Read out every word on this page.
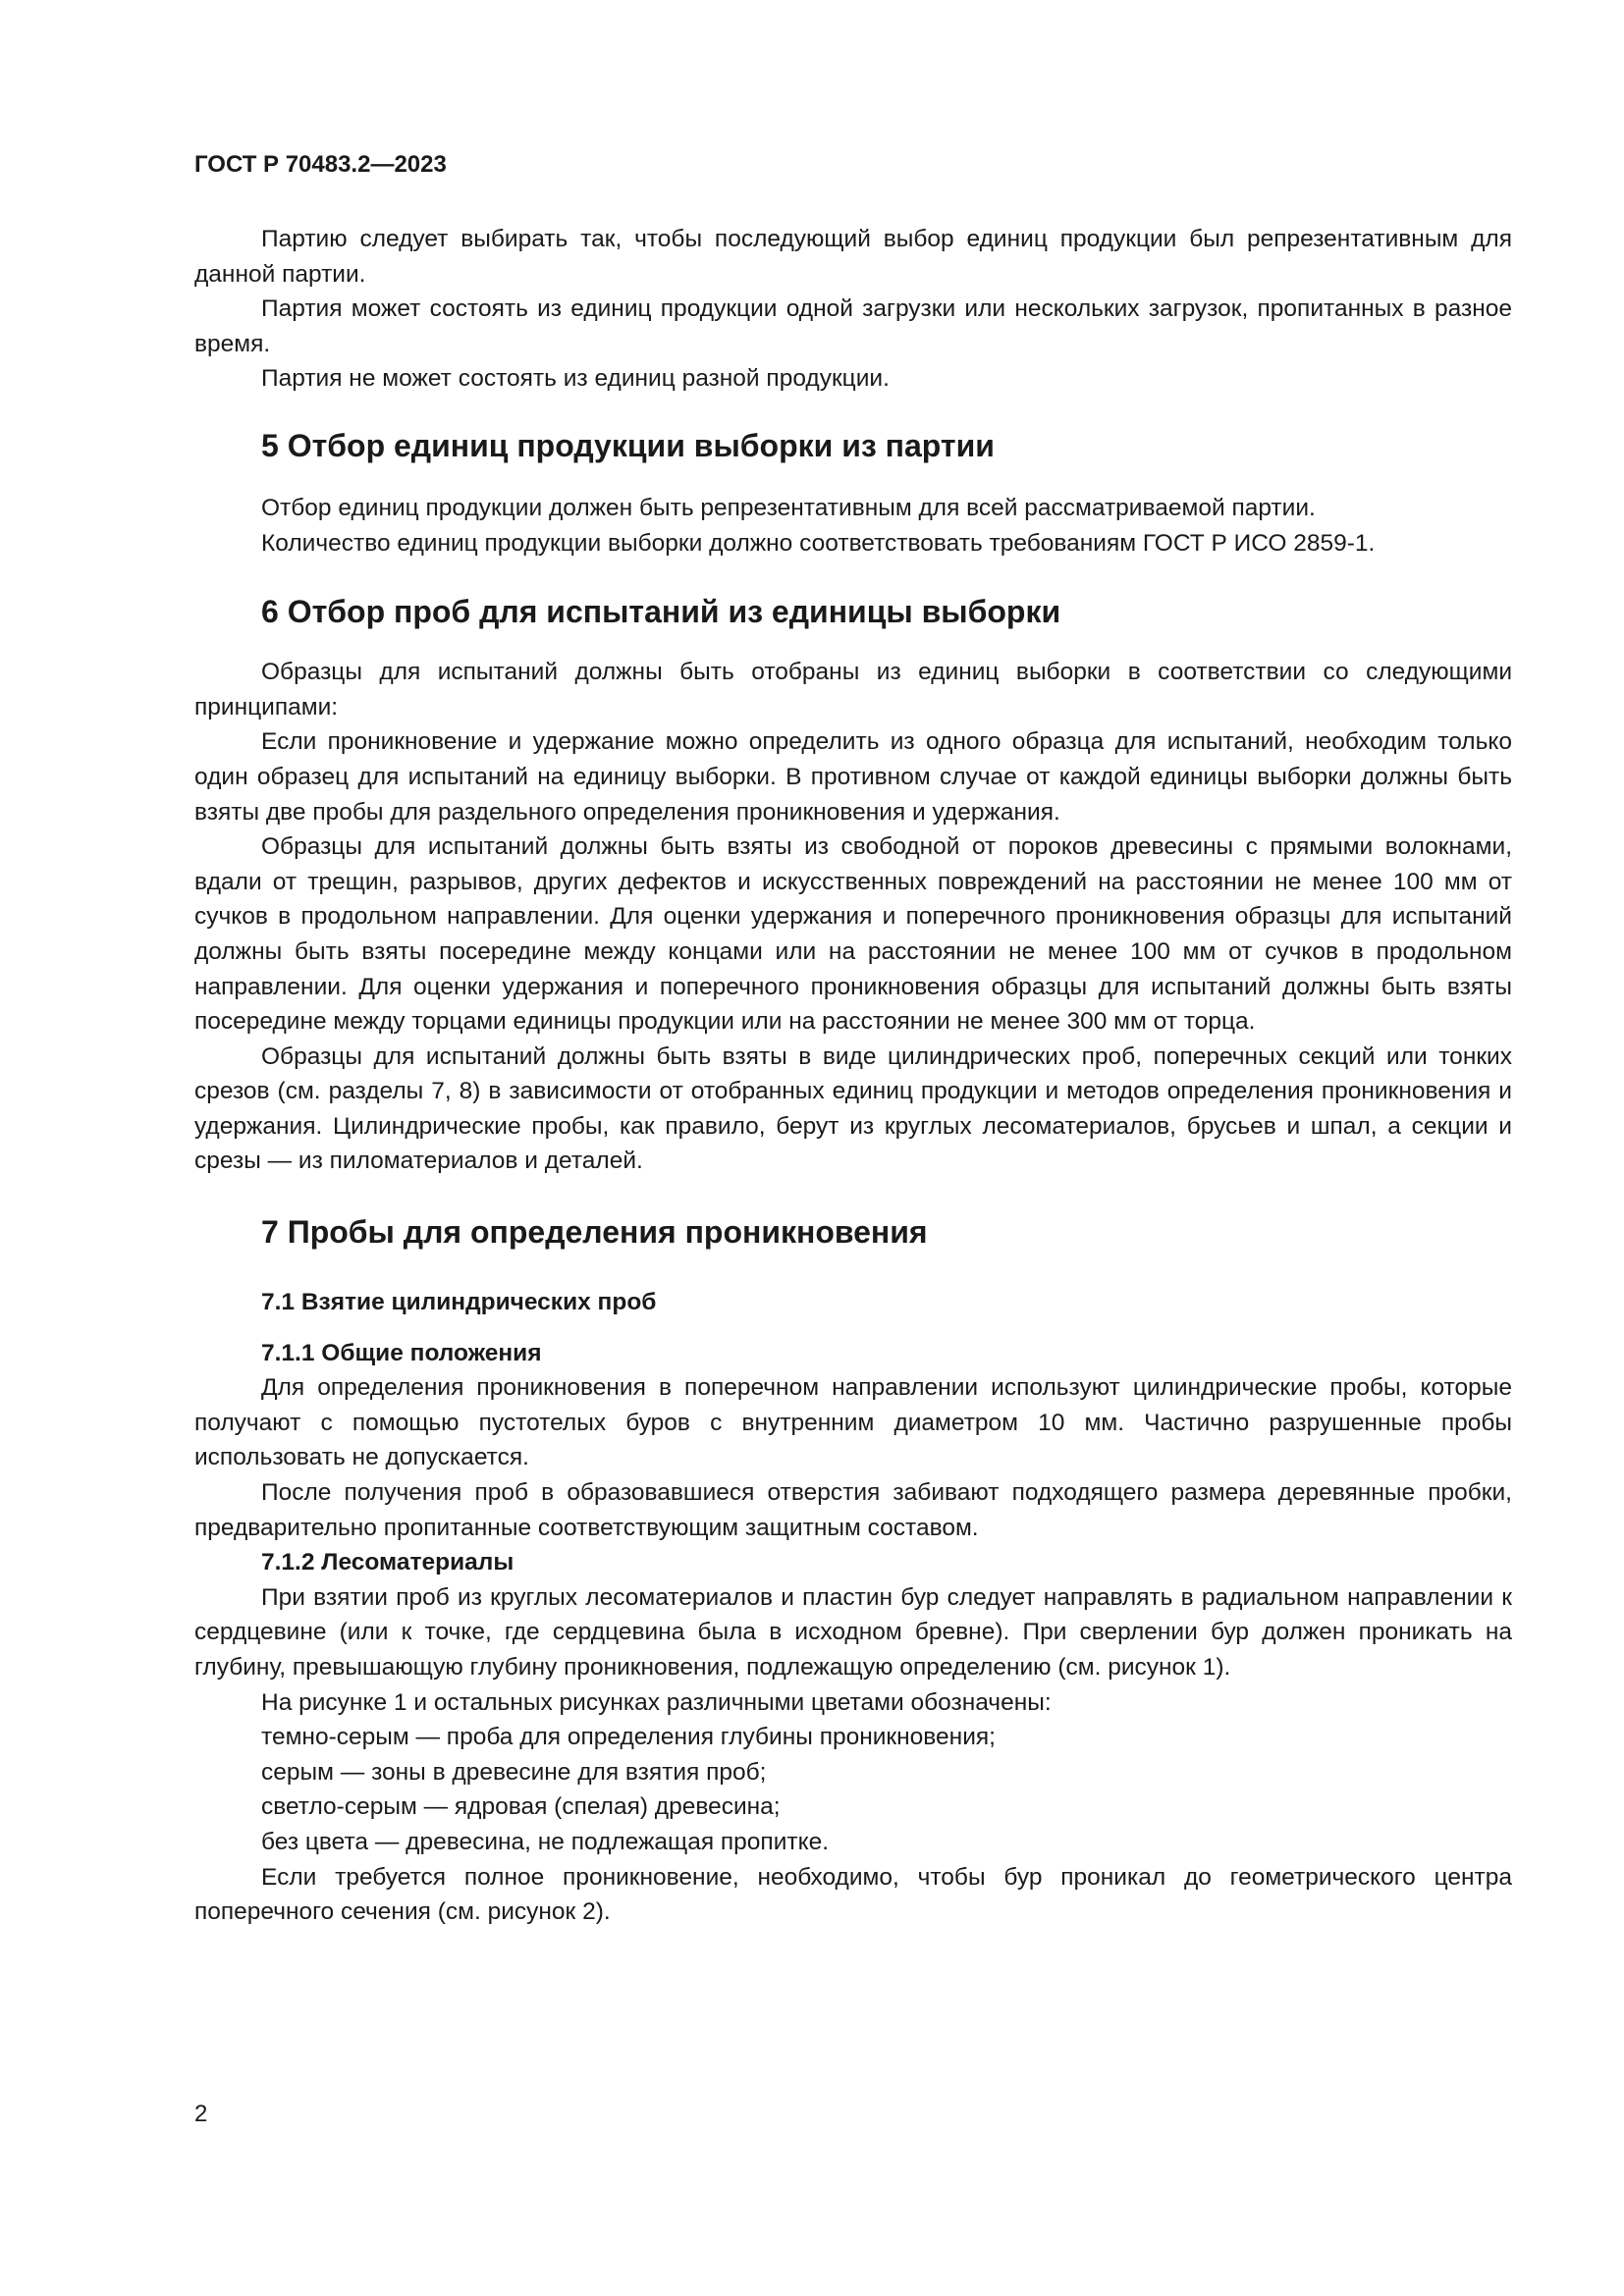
ГОСТ Р 70483.2—2023

Партию следует выбирать так, чтобы последующий выбор единиц продукции был репрезентативным для данной партии.

Партия может состоять из единиц продукции одной загрузки или нескольких загрузок, пропитанных в разное время.

Партия не может состоять из единиц разной продукции.

5 Отбор единиц продукции выборки из партии

Отбор единиц продукции должен быть репрезентативным для всей рассматриваемой партии.

Количество единиц продукции выборки должно соответствовать требованиям ГОСТ Р ИСО 2859-1.

6 Отбор проб для испытаний из единицы выборки

Образцы для испытаний должны быть отобраны из единиц выборки в соответствии со следующими принципами:

Если проникновение и удержание можно определить из одного образца для испытаний, необходим только один образец для испытаний на единицу выборки. В противном случае от каждой единицы выборки должны быть взяты две пробы для раздельного определения проникновения и удержания.

Образцы для испытаний должны быть взяты из свободной от пороков древесины с прямыми волокнами, вдали от трещин, разрывов, других дефектов и искусственных повреждений на расстоянии не менее 100 мм от сучков в продольном направлении. Для оценки удержания и поперечного проникновения образцы для испытаний должны быть взяты посередине между концами или на расстоянии не менее 100 мм от сучков в продольном направлении. Для оценки удержания и поперечного проникновения образцы для испытаний должны быть взяты посередине между торцами единицы продукции или на расстоянии не менее 300 мм от торца.

Образцы для испытаний должны быть взяты в виде цилиндрических проб, поперечных секций или тонких срезов (см. разделы 7, 8) в зависимости от отобранных единиц продукции и методов определения проникновения и удержания. Цилиндрические пробы, как правило, берут из круглых лесоматериалов, брусьев и шпал, а секции и срезы — из пиломатериалов и деталей.

7 Пробы для определения проникновения
7.1 Взятие цилиндрических проб
7.1.1 Общие положения

Для определения проникновения в поперечном направлении используют цилиндрические пробы, которые получают с помощью пустотелых буров с внутренним диаметром 10 мм. Частично разрушенные пробы использовать не допускается.

После получения проб в образовавшиеся отверстия забивают подходящего размера деревянные пробки, предварительно пропитанные соответствующим защитным составом.

7.1.2 Лесоматериалы

При взятии проб из круглых лесоматериалов и пластин бур следует направлять в радиальном направлении к сердцевине (или к точке, где сердцевина была в исходном бревне). При сверлении бур должен проникать на глубину, превышающую глубину проникновения, подлежащую определению (см. рисунок 1).

На рисунке 1 и остальных рисунках различными цветами обозначены:

темно-серым — проба для определения глубины проникновения;

серым — зоны в древесине для взятия проб;

светло-серым — ядровая (спелая) древесина;

без цвета — древесина, не подлежащая пропитке.

Если требуется полное проникновение, необходимо, чтобы бур проникал до геометрического центра поперечного сечения (см. рисунок 2).

2
